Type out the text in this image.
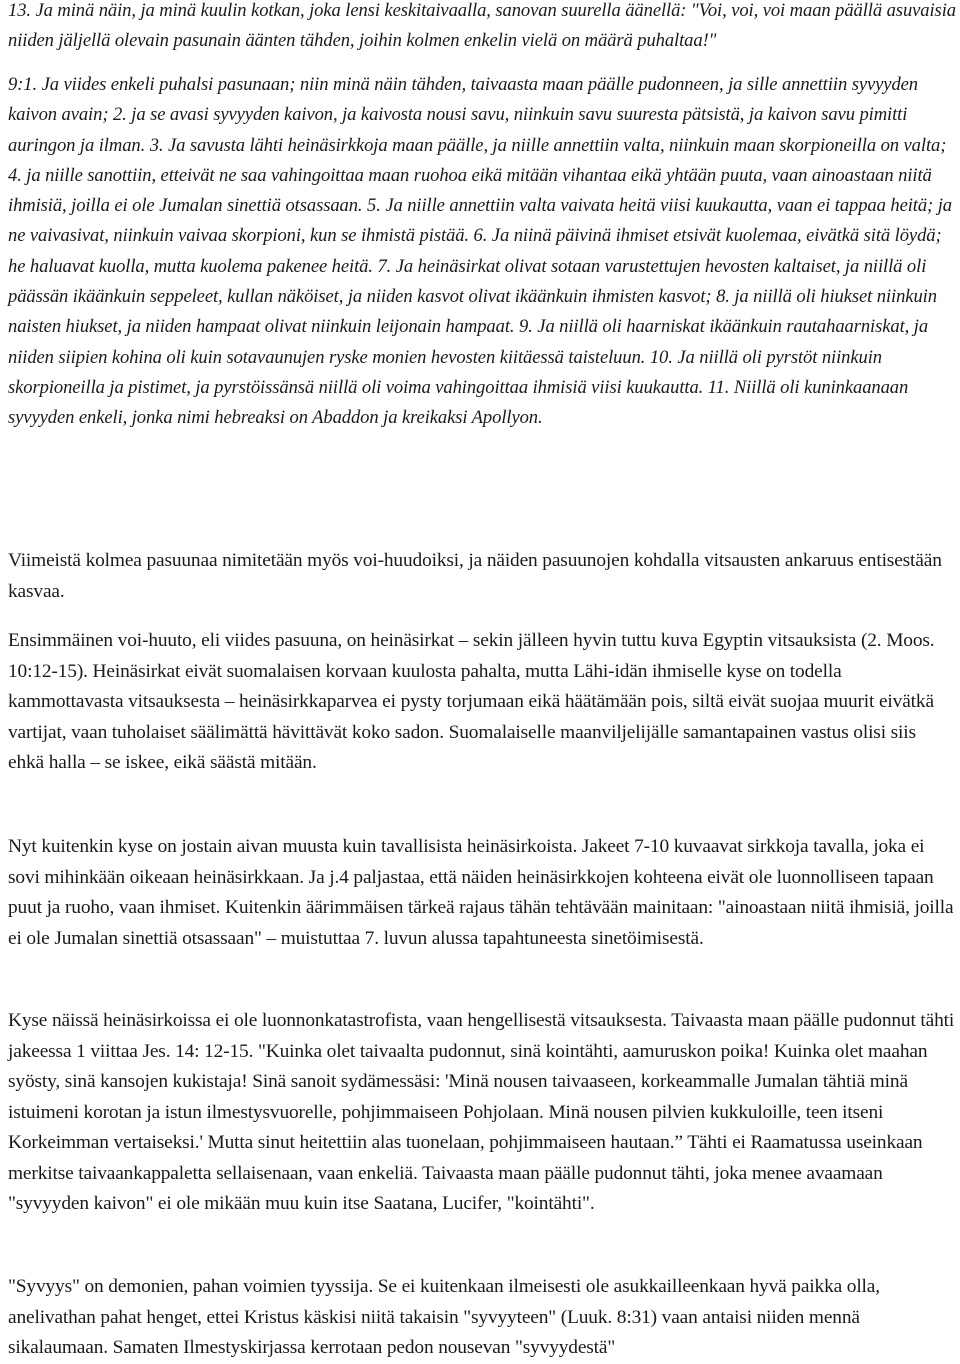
13. Ja minä näin, ja minä kuulin kotkan, joka lensi keskitaivaalla, sanovan suurella äänellä: "Voi, voi, voi maan päällä asuvaisia niiden jäljellä olevain pasunain äänten tähden, joihin kolmen enkelin vielä on määrä puhaltaa!"

9:1. Ja viides enkeli puhalsi pasunaan; niin minä näin tähden, taivaasta maan päälle pudonneen, ja sille annettiin syvyyden kaivon avain; 2. ja se avasi syvyyden kaivon, ja kaivosta nousi savu, niinkuin savu suuresta pätsistä, ja kaivon savu pimitti auringon ja ilman. 3. Ja savusta lähti heinäsirkkoja maan päälle, ja niille annettiin valta, niinkuin maan skorpioneilla on valta; 4. ja niille sanottiin, etteivät ne saa vahingoittaa maan ruohoa eikä mitään vihantaa eikä yhtään puuta, vaan ainoastaan niitä ihmisiä, joilla ei ole Jumalan sinettiä otsassaan. 5. Ja niille annettiin valta vaivata heitä viisi kuukautta, vaan ei tappaa heitä; ja ne vaivasivat, niinkuin vaivaa skorpioni, kun se ihmistä pistää. 6. Ja niinä päivinä ihmiset etsivät kuolemaa, eivätkä sitä löydä; he haluavat kuolla, mutta kuolema pakenee heitä. 7. Ja heinäsirkat olivat sotaan varustettujen hevosten kaltaiset, ja niillä oli päässän ikäänkuin seppeleet, kullan näköiset, ja niiden kasvot olivat ikäänkuin ihmisten kasvot; 8. ja niillä oli hiukset niinkuin naisten hiukset, ja niiden hampaat olivat niinkuin leijonain hampaat. 9. Ja niillä oli haarniskat ikäänkuin rautahaarniskat, ja niiden siipien kohina oli kuin sotavaunujen ryske monien hevosten kiitäessä taisteluun. 10. Ja niillä oli pyrstöt niinkuin skorpioneilla ja pistimet, ja pyrstöissänsä niillä oli voima vahingoittaa ihmisiä viisi kuukautta. 11. Niillä oli kuninkaanaan syvyyden enkeli, jonka nimi hebreaksi on Abaddon ja kreikaksi Apollyon.

Viimeistä kolmea pasuunaa nimitetään myös voi-huudoiksi, ja näiden pasuunojen kohdalla vitsausten ankaruus entisestään kasvaa.

Ensimmäinen voi-huuto, eli viides pasuuna, on heinäsirkat – sekin jälleen hyvin tuttu kuva Egyptin vitsauksista (2. Moos. 10:12-15). Heinäsirkat eivät suomalaisen korvaan kuulosta pahalta, mutta Lähi-idän ihmiselle kyse on todella kammottavasta vitsauksesta – heinäsirkkaparvea ei pysty torjumaan eikä häätämään pois, siltä eivät suojaa muurit eivätkä vartijat, vaan tuholaiset säälimättä hävittävät koko sadon. Suomalaiselle maanviljelijälle samantapainen vastus olisi siis ehkä halla – se iskee, eikä säästä mitään.

Nyt kuitenkin kyse on jostain aivan muusta kuin tavallisista heinäsirkoista. Jakeet 7-10 kuvaavat sirkkoja tavalla, joka ei sovi mihinkään oikeaan heinäsirkkaan. Ja j.4 paljastaa, että näiden heinäsirkkojen kohteena eivät ole luonnolliseen tapaan puut ja ruoho, vaan ihmiset. Kuitenkin äärimmäisen tärkeä rajaus tähän tehtävään mainitaan: "ainoastaan niitä ihmisiä, joilla ei ole Jumalan sinettiä otsassaan" – muistuttaa 7. luvun alussa tapahtuneesta sinetöimisestä.

Kyse näissä heinäsirkoissa ei ole luonnonkatastrofista, vaan hengellisestä vitsauksesta. Taivaasta maan päälle pudonnut tähti jakeessa 1 viittaa Jes. 14: 12-15. "Kuinka olet taivaalta pudonnut, sinä kointähti, aamuruskon poika! Kuinka olet maahan syösty, sinä kansojen kukistaja! Sinä sanoit sydämessäsi: 'Minä nousen taivaaseen, korkeammalle Jumalan tähtiä minä istuimeni korotan ja istun ilmestysvuorelle, pohjimmaiseen Pohjolaan. Minä nousen pilvien kukkuloille, teen itseni Korkeimman vertaiseksi.' Mutta sinut heitettiin alas tuonelaan, pohjimmaiseen hautaan.” Tähti ei Raamatussa useinkaan merkitse taivaankappaletta sellaisenaan, vaan enkeliä. Taivaasta maan päälle pudonnut tähti, joka menee avaamaan "syvyyden kaivon" ei ole mikään muu kuin itse Saatana, Lucifer, "kointähti".

"Syvyys" on demonien, pahan voimien tyyssija. Se ei kuitenkaan ilmeisesti ole asukkailleenkaan hyvä paikka olla, anelivathan pahat henget, ettei Kristus käskisi niitä takaisin "syvyyteen" (Luuk. 8:31) vaan antaisi niiden mennä sikalaumaan. Samaten Ilmestyskirjassa kerrotaan pedon nousevan "syvyydestä"
